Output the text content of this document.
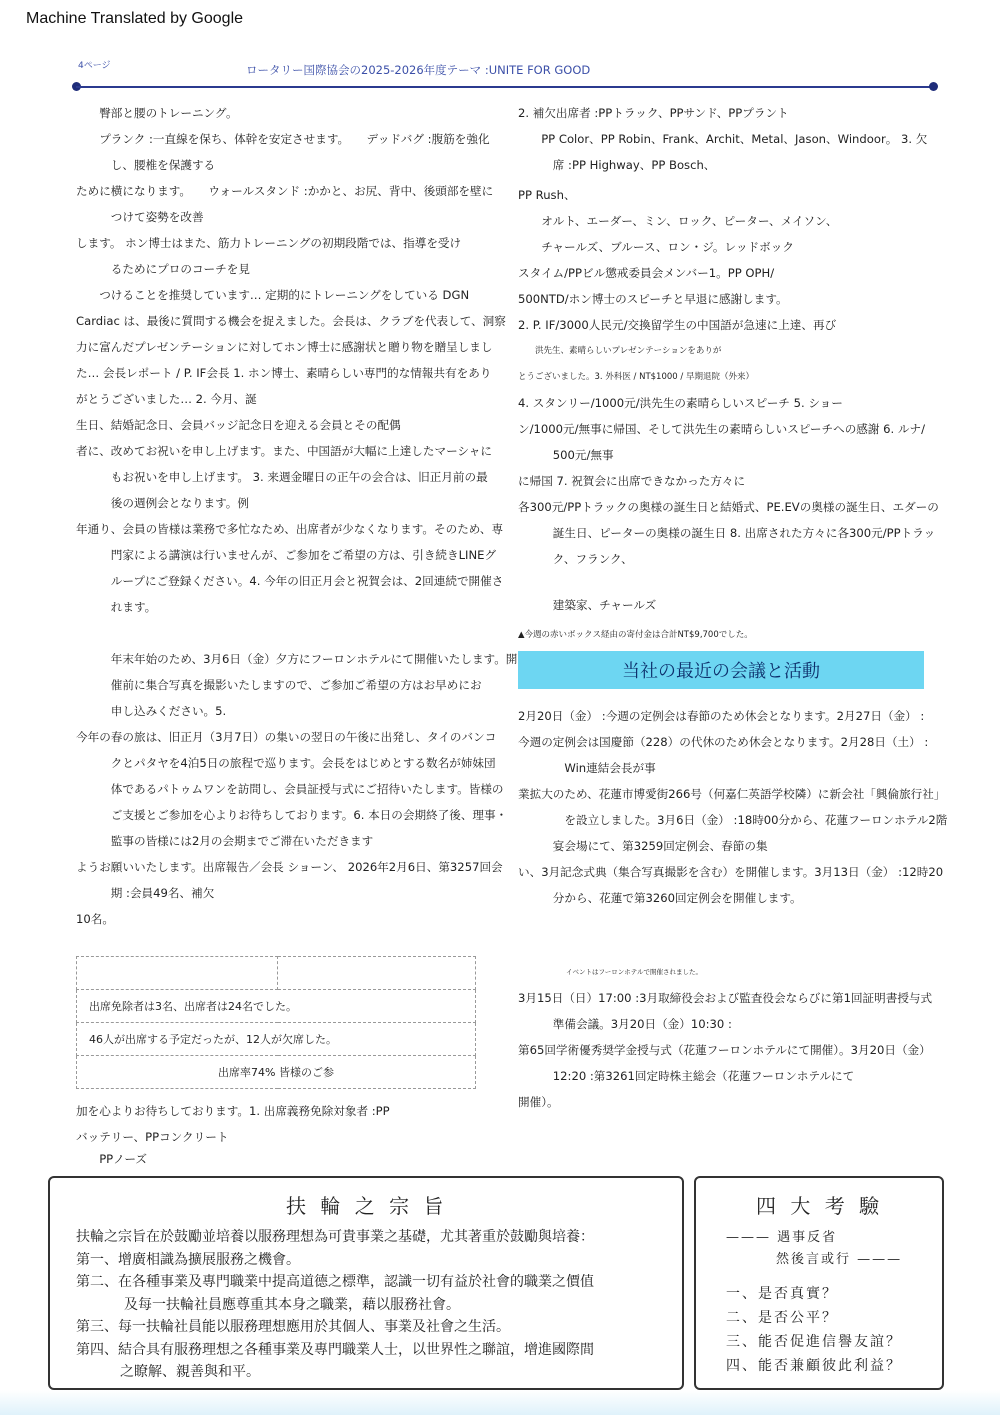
Machine Translated by Google
4ページ	ロータリー国際協会の2025-2026年度テーマ :UNITE FOR GOOD
　　臀部と腰のトレーニング。
　　プランク :一直線を保ち、体幹を安定させます。　　デッドバグ :腹筋を強化
　　　し、腰椎を保護する
ために横になります。　　ウォールスタンド :かかと、お尻、背中、後頭部を壁に
　　　つけて姿勢を改善
します。 ホン博士はまた、筋力トレーニングの初期段階では、指導を受け
　　　るためにプロのコーチを見
　　つけることを推奨しています… 定期的にトレーニングをしている DGN
Cardiac は、最後に質問する機会を捉えました。会長は、クラブを代表して、洞察
力に富んだプレゼンテーションに対してホン博士に感謝状と贈り物を贈呈しまし
た… 会長レポート / P. IF会長 1. ホン博士、素晴らしい専門的な情報共有をあり
がとうございました… 2. 今月、誕
生日、結婚記念日、会員バッジ記念日を迎える会員とその配偶
者に、改めてお祝いを申し上げます。また、中国語が大幅に上達したマーシャに
　　　もお祝いを申し上げます。 3. 来週金曜日の正午の会合は、旧正月前の最
　　　後の週例会となります。例
年通り、会員の皆様は業務で多忙なため、出席者が少なくなります。そのため、専
　　　門家による講演は行いませんが、ご参加をご希望の方は、引き続きLINEグ
　　　ループにご登録ください。4. 今年の旧正月会と祝賀会は、2回連続で開催さ
　　　れます。
　　　年末年始のため、3月6日（金）夕方にフーロンホテルにて開催いたします。開
　　　催前に集合写真を撮影いたしますので、ご参加ご希望の方はお早めにお
　　　申し込みください。5.
今年の春の旅は、旧正月（3月7日）の集いの翌日の午後に出発し、タイのバンコ
　　　クとパタヤを4泊5日の旅程で巡ります。会長をはじめとする数名が姉妹団
　　　体であるパトゥムワンを訪問し、会員証授与式にご招待いたします。皆様の
　　　ご支援とご参加を心よりお待ちしております。6. 本日の会期終了後、理事・
　　　監事の皆様には2月の会期までご滞在いただきます
ようお願いいたします。出席報告／会長 ショーン、 2026年2月6日、第3257回会
　　　期 :会員49名、補欠
10名。

出席免除者は3名、出席者は24名でした。
46人が出席する予定だったが、12人が欠席した。
出席率74% 皆様のご参
加を心よりお待ちしております。1. 出席義務免除対象者 :PP
バッテリー、PPコンクリート
　　PPノーズ
2. 補欠出席者 :PPトラック、PPサンド、PPプラント
　　PP Color、PP Robin、Frank、Archit、Metal、Jason、Windoor。 3. 欠
　　　席 :PP Highway、PP Bosch、
PP Rush、
　　オルト、エーダー、ミン、ロック、ピーター、メイソン、
　　チャールズ、ブルース、ロン・ジ。レッドボック
スタイム/PPビル懲戒委員会メンバー1。PP OPH/
500NTD/ホン博士のスピーチと早退に感謝します。
2. P. IF/3000人民元/交換留学生の中国語が急速に上達、再び
　　洪先生、素晴らしいプレゼンテーションをありが
とうございました。3. 外科医 / NT$1000 / 早期退院（外来）
4. スタンリー/1000元/洪先生の素晴らしいスピーチ 5. ショー
ン/1000元/無事に帰国、そして洪先生の素晴らしいスピーチへの感謝 6. ルナ/
　　　500元/無事
に帰国 7. 祝賀会に出席できなかった方々に
各300元/PPトラックの奥様の誕生日と結婚式、PE.EVの奥様の誕生日、エダーの
　　　誕生日、ピーターの奥様の誕生日 8. 出席された方々に各300元/PPトラッ
　　　ク、フランク、
　　　建築家、チャールズ
▲今週の赤いボックス経由の寄付金は合計NT$9,700でした。
当社の最近の会議と活動
2月20日（金） :今週の定例会は春節のため休会となります。2月27日（金） :
今週の定例会は国慶節（228）の代休のため休会となります。2月28日（土） :
　　　　Win連結会長が事
業拡大のため、花蓮市博愛街266号（何嘉仁英語学校隣）に新会社「興倫旅行社」
　　　　を設立しました。3月6日（金） :18時00分から、花蓮フーロンホテル2階
　　　宴会場にて、第3259回定例会、春節の集
い、3月記念式典（集合写真撮影を含む）を開催します。3月13日（金） :12時20
　　　分から、花蓮で第3260回定例会を開催します。
イベントはフーロンホテルで開催されました。
3月15日（日）17:00 :3月取締役会および監査役会ならびに第1回証明書授与式
　　　準備会議。3月20日（金）10:30 :
第65回学術優秀奨学金授与式（花蓮フーロンホテルにて開催）。3月20日（金）
　　　12:20 :第3261回定時株主総会（花蓮フーロンホテルにて
開催）。
扶 輪 之 宗 旨
扶輪之宗旨在於鼓勵並培養以服務理想為可貴事業之基礎，尤其著重於鼓勵與培養：
第一、增廣相識為擴展服務之機會。
第二、在各種事業及專門職業中提高道德之標準，認識一切有益於社會的職業之價值
及每一扶輪社員應尊重其本身之職業，藉以服務社會。
第三、每一扶輪社員能以服務理想應用於其個人、事業及社會之生活。
第四、結合具有服務理想之各種事業及專門職業人士，以世界性之聯誼，增進國際間
之瞭解、親善與和平。
四 大 考 驗
——— 遇事反省
然後言或行 ———
一、是否真實？
二、是否公平？
三、能否促進信譽友誼？
四、能否兼顧彼此利益？
